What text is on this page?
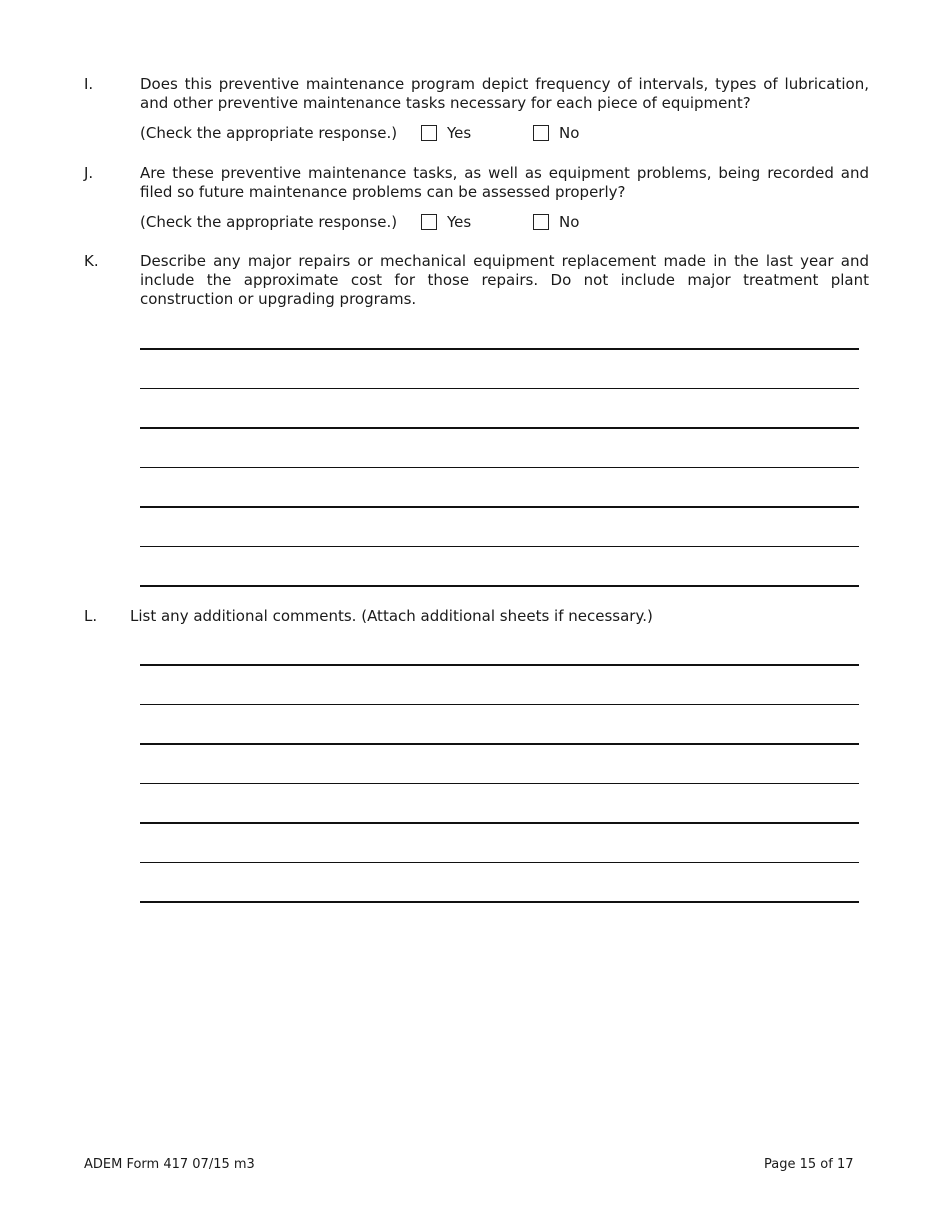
I.	Does this preventive maintenance program depict frequency of intervals, types of lubrication, and other preventive maintenance tasks necessary for each piece of equipment?
(Check the appropriate response.)	Yes	No
J.	Are these preventive maintenance tasks, as well as equipment problems, being recorded and filed so future maintenance problems can be assessed properly?
(Check the appropriate response.)	Yes	No
K.	Describe any major repairs or mechanical equipment replacement made in the last year and include the approximate cost for those repairs. Do not include major treatment plant construction or upgrading programs.
L. List any additional comments. (Attach additional sheets if necessary.)
ADEM Form 417 07/15 m3	Page 15 of 17
